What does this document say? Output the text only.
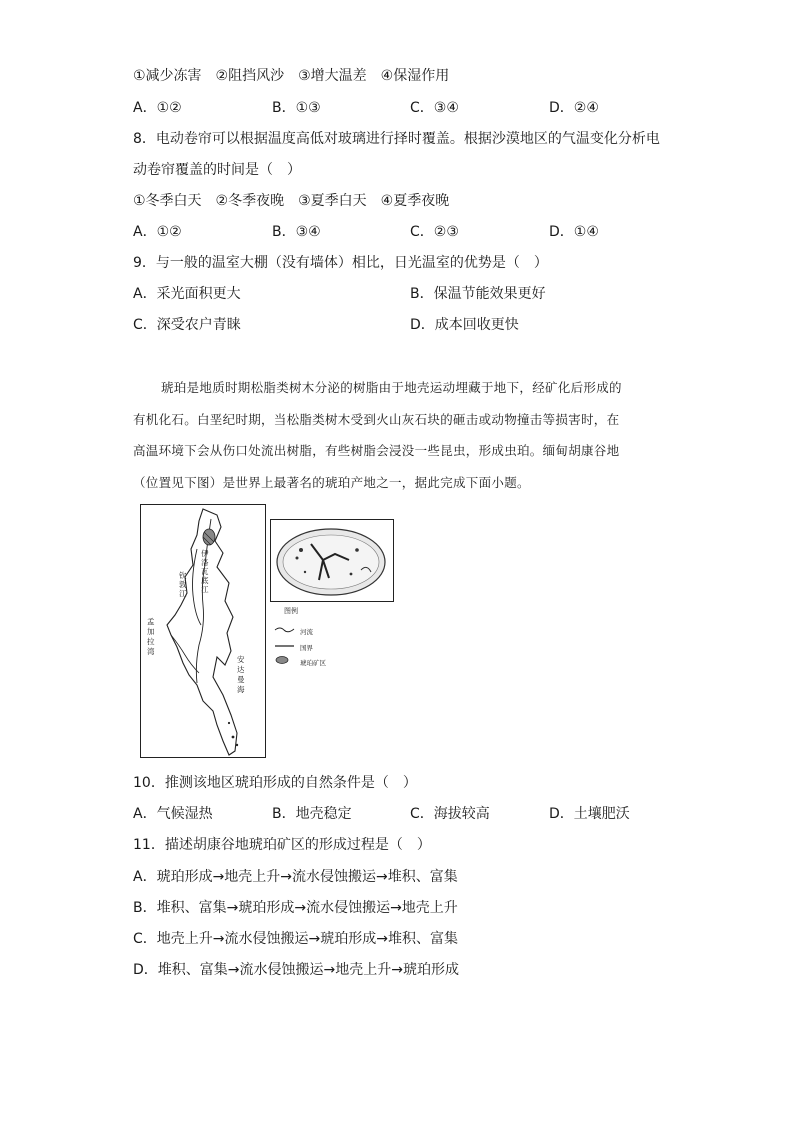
①减少冻害　②阻挡风沙　③增大温差　④保湿作用
A．①②	B．①③	C．③④	D．②④
8．电动卷帘可以根据温度高低对玻璃进行择时覆盖。根据沙漠地区的气温变化分析电
动卷帘覆盖的时间是（　）
①冬季白天　②冬季夜晚　③夏季白天　④夏季夜晚
A．①②	B．③④	C．②③	D．①④
9．与一般的温室大棚（没有墙体）相比，日光温室的优势是（　）
A．采光面积更大	B．保温节能效果更好
C．深受农户青睐	D．成本回收更快
琥珀是地质时期松脂类树木分泌的树脂由于地壳运动埋藏于地下，经矿化后形成的
有机化石。白垩纪时期，当松脂类树木受到火山灰石块的砸击或动物撞击等损害时，在
高温环境下会从伤口处流出树脂，有些树脂会浸没一些昆虫，形成虫珀。缅甸胡康谷地
（位置见下图）是世界上最著名的琥珀产地之一，据此完成下面小题。
伊洛瓦底江
钦敦江
孟加拉湾
安达曼海
图例
河流
国界
琥珀矿区
10．推测该地区琥珀形成的自然条件是（　）
A．气候湿热	B．地壳稳定	C．海拔较高	D．土壤肥沃
11．描述胡康谷地琥珀矿区的形成过程是（　）
A．琥珀形成→地壳上升→流水侵蚀搬运→堆积、富集
B．堆积、富集→琥珀形成→流水侵蚀搬运→地壳上升
C．地壳上升→流水侵蚀搬运→琥珀形成→堆积、富集
D．堆积、富集→流水侵蚀搬运→地壳上升→琥珀形成
